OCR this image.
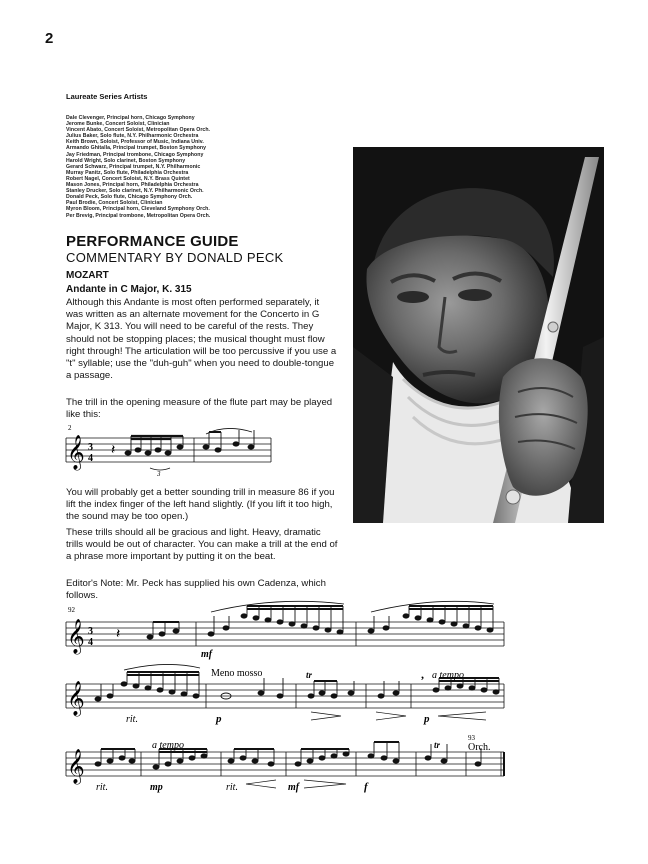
2
Laureate Series Artists
Dale Clevenger, Principal horn, Chicago Symphony
Jerome Bunke, Concert Soloist, Clinician
Vincent Abato, Concert Soloist, Metropolitan Opera Orch.
Julius Baker, Solo flute, N.Y. Philharmonic Orchestra
Keith Brown, Soloist, Professor of Music, Indiana Univ.
Armando Ghitalla, Principal trumpet, Boston Symphony
Jay Friedman, Principal trombone, Chicago Symphony
Harold Wright, Solo clarinet, Boston Symphony
Gerard Schwarz, Principal trumpet, N.Y. Philharmonic
Murray Panitz, Solo flute, Philadelphia Orchestra
Robert Nagel, Concert Soloist, N.Y. Brass Quintet
Mason Jones, Principal horn, Philadelphia Orchestra
Stanley Drucker, Solo clarinet, N.Y. Philharmonic Orch.
Donald Peck, Solo flute, Chicago Symphony Orch.
Paul Brodie, Concert Soloist, Clinician
Myron Bloom, Principal horn, Cleveland Symphony Orch.
Per Brevig, Principal trombone, Metropolitan Opera Orch.
PERFORMANCE GUIDE
COMMENTARY BY DONALD PECK
MOZART
Andante in C Major, K. 315

Although this Andante is most often performed separately, it was written as an alternate movement for the Concerto in G Major, K 313. You will need to be careful of the rests. They should not be stopping places; the musical thought must flow right through! The articulation will be too percussive if you use a "t" syllable; use the "duh-guh" when you need to double-tongue a passage.

The trill in the opening measure of the flute part may be played like this:

You will probably get a better sounding trill in measure 86 if you lift the index finger of the left hand slightly. (If you lift it too high, the sound may be too open.)

These trills should all be gracious and light. Heavy, dramatic trills would be out of character. You can make a trill at the end of a phrase more important by putting it on the beat.

Editor's Note: Mr. Peck has supplied his own Cadenza, which follows.

2
𝄞 3
4
𝄽
3
92
𝄞 3
4
𝄽
mf
𝄞
rit.
Meno mosso
p
tr	, a tempo
p
𝄞
rit.
a tempo
mp	rit.	mf	f
tr
93
Orch.
